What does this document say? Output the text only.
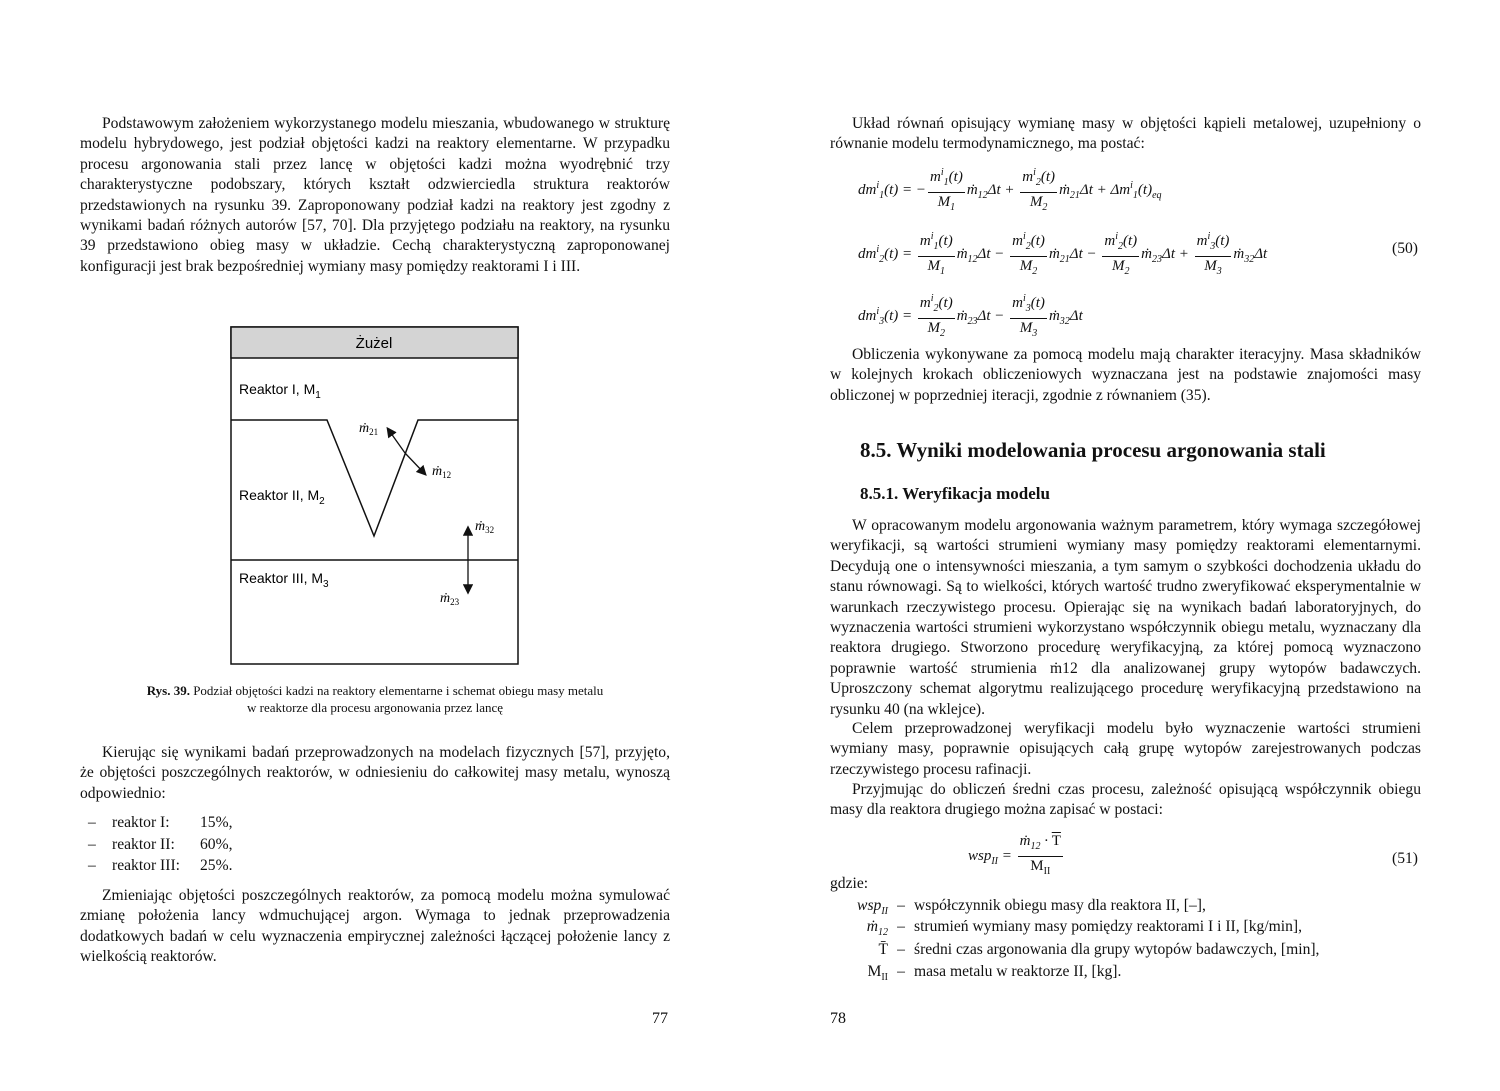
Podstawowym założeniem wykorzystanego modelu mieszania, wbudowanego w strukturę modelu hybrydowego, jest podział objętości kadzi na reaktory elementarne. W przypadku procesu argonowania stali przez lancę w objętości kadzi można wyodrębnić trzy charakterystyczne podobszary, których kształt odzwierciedla struktura reaktorów przedstawionych na rysunku 39. Zaproponowany podział kadzi na reaktory jest zgodny z wynikami badań różnych autorów [57, 70]. Dla przyjętego podziału na reaktory, na rysunku 39 przedstawiono obieg masy w układzie. Cechą charakterystyczną zaproponowanej konfiguracji jest brak bezpośredniej wymiany masy pomiędzy reaktorami I i III.

Żużel
Reaktor I, $M_1$
Reaktor II, $M_2$
Reaktor III, $M_3$
ṁ$_{21}$
ṁ$_{12}$
ṁ$_{32}$
ṁ$_{23}$
Rys. 39. Podział objętości kadzi na reaktory elementarne i schemat obiegu masy metalu
w reaktorze dla procesu argonowania przez lancę

Kierując się wynikami badań przeprowadzonych na modelach fizycznych [57], przyjęto, że objętości poszczególnych reaktorów, w odniesieniu do całkowitej masy metalu, wynoszą odpowiednio:

– reaktor I: 15%,
– reaktor II: 60%,
– reaktor III: 25%.

Zmieniając objętości poszczególnych reaktorów, za pomocą modelu można symulować zmianę położenia lancy wdmuchującej argon. Wymaga to jednak przeprowadzenia dodatkowych badań w celu wyznaczenia empirycznej zależności łączącej położenie lancy z wielkością reaktorów.

77

Układ równań opisujący wymianę masy w objętości kąpieli metalowej, uzupełniony o równanie modelu termodynamicznego, ma postać:

$dm^i_1(t)$ = − $\frac{m^i_1(t)}{M_1}$ ṁ$_{12}$Δt + $\frac{m^i_2(t)}{M_2}$ ṁ$_{21}$Δt + $\Delta m^i_1(t)_{eq}$
$dm^i_2(t) = \frac{m^i_1(t)}{M_1}$ ṁ$_{12}$Δt − $\frac{m^i_2(t)}{M_2}$ ṁ$_{21}$Δt − $\frac{m^i_2(t)}{M_2}$ ṁ$_{23}$Δt + $\frac{m^i_3(t)}{M_3}$ ṁ$_{32}$Δt	(50)
$dm^i_3(t) = \frac{m^i_2(t)}{M_2}$ ṁ$_{23}$Δt − $\frac{m^i_3(t)}{M_3}$ ṁ$_{32}$Δt

Obliczenia wykonywane za pomocą modelu mają charakter iteracyjny. Masa składników w kolejnych krokach obliczeniowych wyznaczana jest na podstawie znajomości masy obliczonej w poprzedniej iteracji, zgodnie z równaniem (35).

8.5. Wyniki modelowania procesu argonowania stali
8.5.1. Weryfikacja modelu

W opracowanym modelu argonowania ważnym parametrem, który wymaga szczegółowej weryfikacji, są wartości strumieni wymiany masy pomiędzy reaktorami elementarnymi. Decydują one o intensywności mieszania, a tym samym o szybkości dochodzenia układu do stanu równowagi. Są to wielkości, których wartość trudno zweryfikować eksperymentalnie w warunkach rzeczywistego procesu. Opierając się na wynikach badań laboratoryjnych, do wyznaczenia wartości strumieni wykorzystano współczynnik obiegu metalu, wyznaczany dla reaktora drugiego. Stworzono procedurę weryfikacyjną, za której pomocą wyznaczono poprawnie wartość strumienia ṁ12 dla analizowanej grupy wytopów badawczych. Uproszczony schemat algorytmu realizującego procedurę weryfikacyjną przedstawiono na rysunku 40 (na wklejce).

Celem przeprowadzonej weryfikacji modelu było wyznaczenie wartości strumieni wymiany masy, poprawnie opisujących całą grupę wytopów zarejestrowanych podczas rzeczywistego procesu rafinacji.

Przyjmując do obliczeń średni czas procesu, zależność opisującą współczynnik obiegu masy dla reaktora drugiego można zapisać w postaci:

$wsp_{II} = \frac{ṁ_{12} \cdot \overline{T}}{M_{II}}$	(51)
gdzie:
wsp$_{II}$ – współczynnik obiegu masy dla reaktora II, [–],
ṁ$_{12}$ – strumień wymiany masy pomiędzy reaktorami I i II, [kg/min],
T̄ – średni czas argonowania dla grupy wytopów badawczych, [min],
$M_{II}$ – masa metalu w reaktorze II, [kg].
78
